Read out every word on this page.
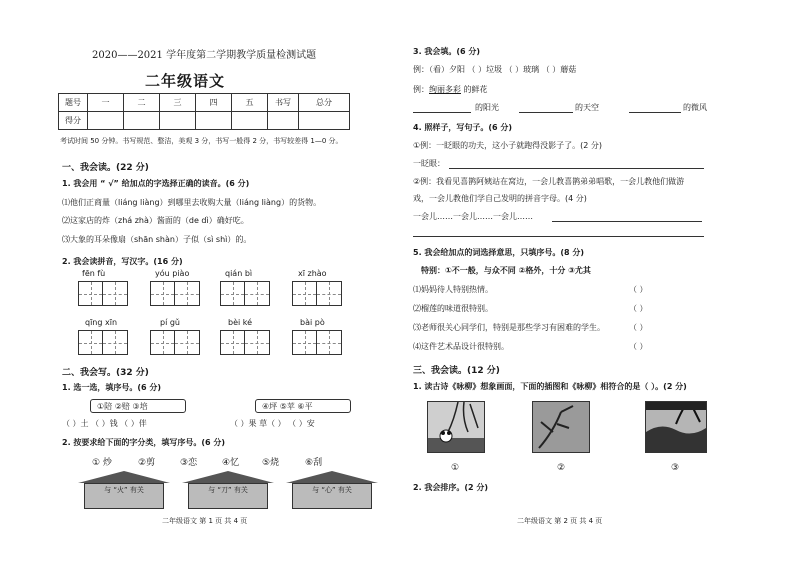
2020——2021 学年度第二学期教学质量检测试题
二年级语文
题号	一	二	三	四	五	书写	总分
得分							
考试时间 50 分钟。书写规范、整洁，美观 3 分，书写一般得 2 分，书写较差得 1—0 分。
一、我会读。(22 分)
1. 我会用 “ √” 给加点的字选择正确的读音。(6 分)
⑴他们正商量（liáng liàng）到哪里去收购大量（liáng liàng）的货物。
⑵这家店的炸（zhá zhà）酱面的（de dì）确好吃。
⑶大象的耳朵像扇（shān shàn）子似（sì shì）的。
2. 我会读拼音，写汉字。(16 分)
fēn fù	yóu piào	qián bì	xī zhào
qīng xīn	pí gǔ	bèi ké	bài pò
二、我会写。(32 分)
1. 选一选，填序号。(6 分)
①陪 ②赔 ③培	④坪 ⑤苹 ⑥平
（ ）土 （ ）钱 （ ）伴	（ ）果 草（ ） （ ）安
2. 按要求给下面的字分类，填写序号。(6 分)
① 炒	②剪	③恋	④忆	⑤烧	⑥刮
与 “火” 有关	与 “刀” 有关	与 “心” 有关
二年级语文 第 1 页 共 4 页
3. 我会填。(6 分)
例：（看）夕阳 （ ）垃圾 （ ）玻璃 （ ）蘑菇
例：绚丽多彩 的鲜花
的阳光	的天空	的微风
4. 照样子，写句子。(6 分)
①例：一眨眼的功夫，这小子就跑得没影子了。(2 分)
一眨眼：
②例：我看见喜鹊阿姨站在窝边，一会儿教喜鹊弟弟唱歌，一会儿教他们做游
戏，一会儿教他们学自己发明的拼音字母。(4 分)
一会儿……一会儿……一会儿……
5. 我会给加点的词选择意思，只填序号。(8 分)
特别：①不一般，与众不同 ②格外，十分 ③尤其
⑴妈妈待人特别热情。	（ ）
⑵榴莲的味道很特别。	（ ）
⑶老师很关心同学们，特别是那些学习有困难的学生。	（ ）
⑷这件艺术品设计很特别。	（ ）
三、我会读。(12 分)
1. 读古诗《咏柳》想象画面，下面的插图和《咏柳》相符合的是（ ）。(2 分)
①	②	③
2. 我会排序。(2 分)
二年级语文 第 2 页 共 4 页
